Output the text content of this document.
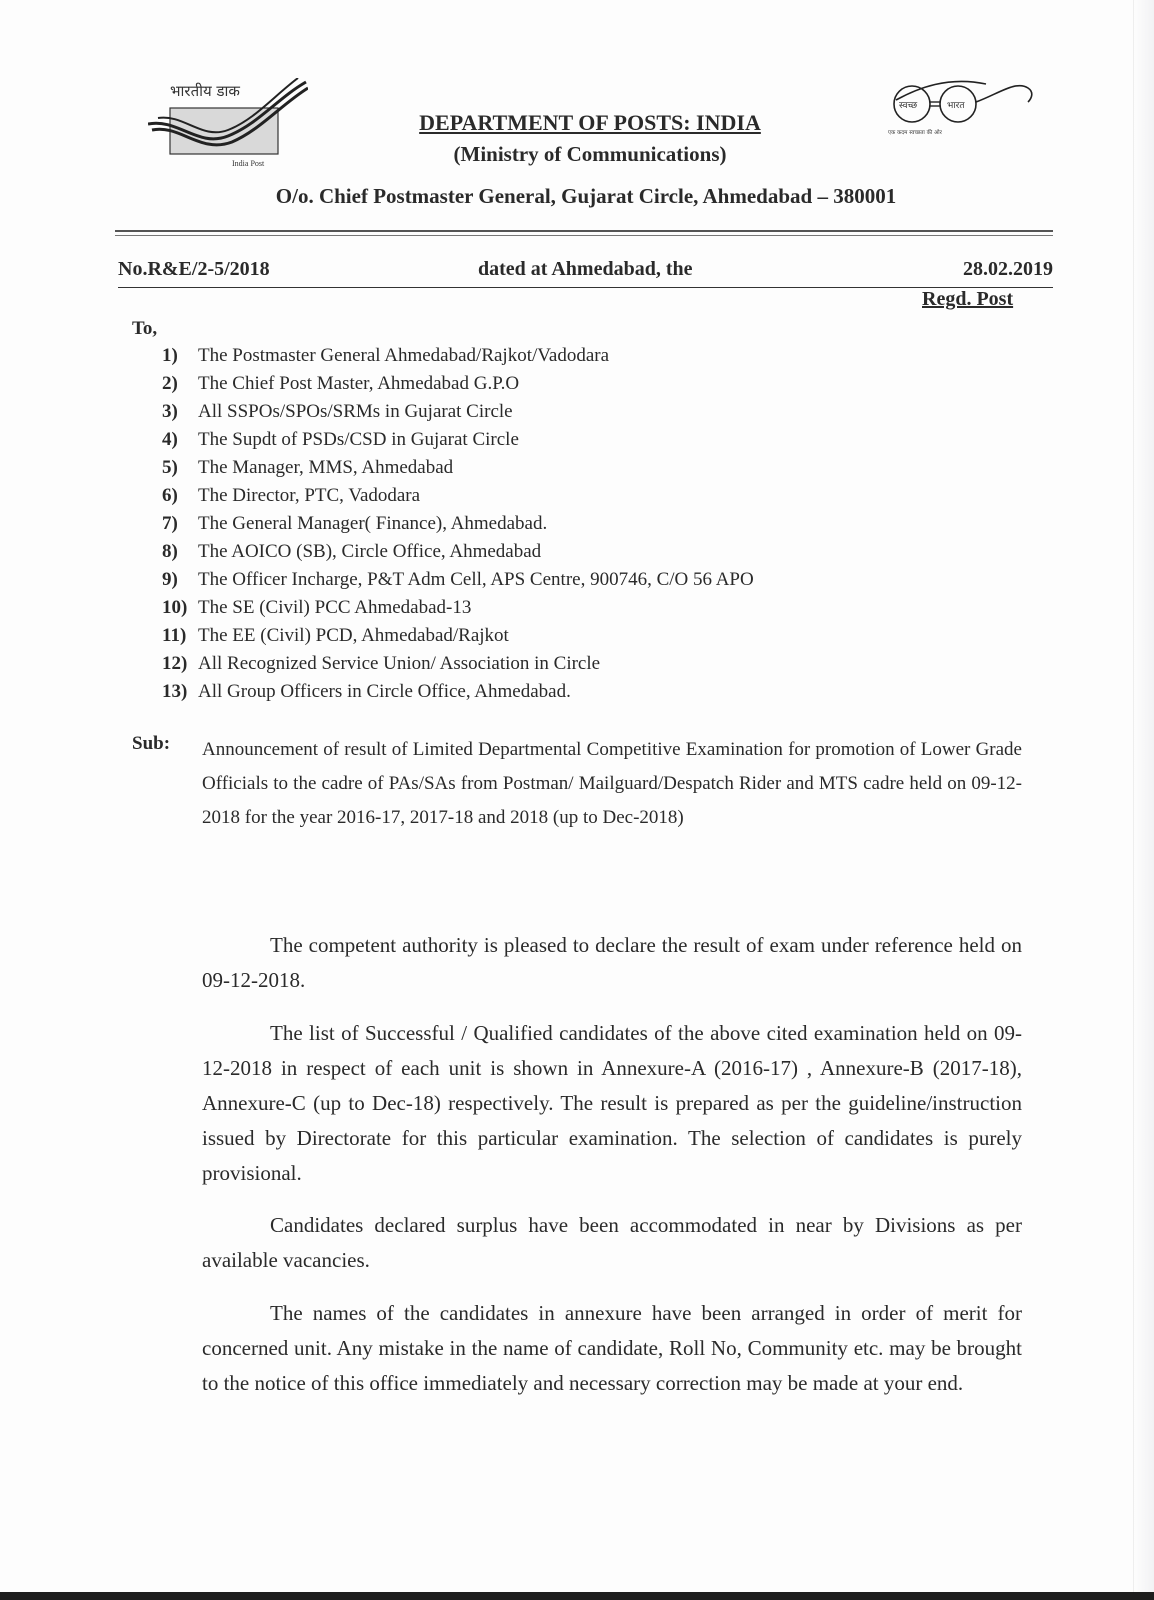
भारतीय डाक
India Post
DEPARTMENT OF POSTS: INDIA
(Ministry of Communications)
स्वच्छ	भारत
एक कदम स्वच्छता की ओर
O/o. Chief Postmaster General, Gujarat Circle, Ahmedabad – 380001
No.R&E/2-5/2018	dated at Ahmedabad, the	28.02.2019
Regd. Post
To,
1) The Postmaster General Ahmedabad/Rajkot/Vadodara
2) The Chief Post Master, Ahmedabad G.P.O
3) All SSPOs/SPOs/SRMs in Gujarat Circle
4) The Supdt of PSDs/CSD in Gujarat Circle
5) The Manager, MMS, Ahmedabad
6) The Director, PTC, Vadodara
7) The General Manager( Finance), Ahmedabad.
8) The AOICO (SB), Circle Office, Ahmedabad
9) The Officer Incharge, P&T Adm Cell, APS Centre, 900746, C/O 56 APO
10) The SE (Civil) PCC Ahmedabad-13
11) The EE (Civil) PCD, Ahmedabad/Rajkot
12) All Recognized Service Union/ Association in Circle
13) All Group Officers in Circle Office, Ahmedabad.
Sub: Announcement of result of Limited Departmental Competitive Examination for promotion of Lower Grade Officials to the cadre of PAs/SAs from Postman/ Mailguard/Despatch Rider and MTS cadre held on 09-12-2018 for the year 2016-17, 2017-18 and 2018 (up to Dec-2018)

The competent authority is pleased to declare the result of exam under reference held on 09-12-2018.

The list of Successful / Qualified candidates of the above cited examination held on 09-12-2018 in respect of each unit is shown in Annexure-A (2016-17) , Annexure-B (2017-18), Annexure-C (up to Dec-18) respectively. The result is prepared as per the guideline/instruction issued by Directorate for this particular examination. The selection of candidates is purely provisional.

Candidates declared surplus have been accommodated in near by Divisions as per available vacancies.

The names of the candidates in annexure have been arranged in order of merit for concerned unit. Any mistake in the name of candidate, Roll No, Community etc. may be brought to the notice of this office immediately and necessary correction may be made at your end.
